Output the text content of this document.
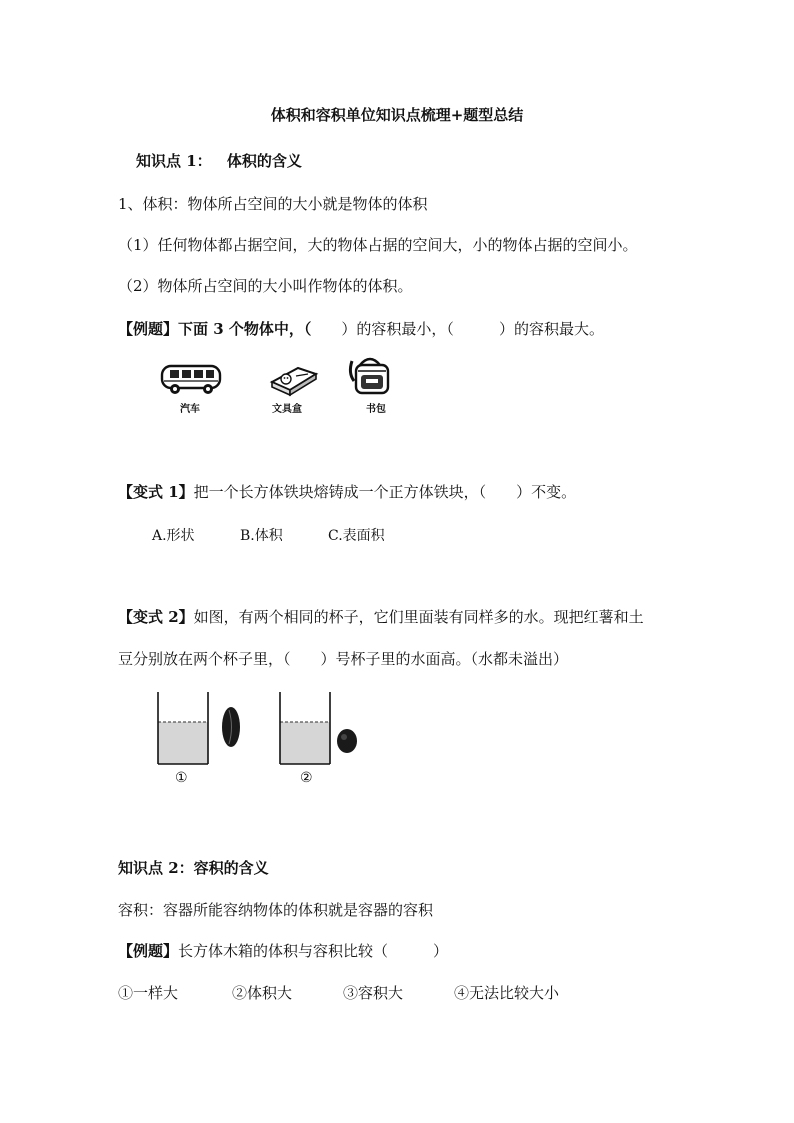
体积和容积单位知识点梳理+题型总结
知识点 1： 体积的含义
1、体积：物体所占空间的大小就是物体的体积
（1）任何物体都占据空间，大的物体占据的空间大，小的物体占据的空间小。
（2）物体所占空间的大小叫作物体的体积。
【例题】下面 3 个物体中，（　　 ）的容积最小，（　　　	）的容积最大。
汽车	文具盒	书包
【变式 1】把一个长方体铁块熔铸成一个正方体铁块，（　　）不变。
A.形状	B.体积	C.表面积
【变式 2】如图，有两个相同的杯子，它们里面装有同样多的水。现把红薯和土
豆分别放在两个杯子里，（　　）号杯子里的水面高。（水都未溢出）
①	②
知识点 2：容积的含义
容积：容器所能容纳物体的体积就是容器的容积
【例题】长方体木箱的体积与容积比较（　　　）
①一样大	②体积大	③容积大	④无法比较大小
